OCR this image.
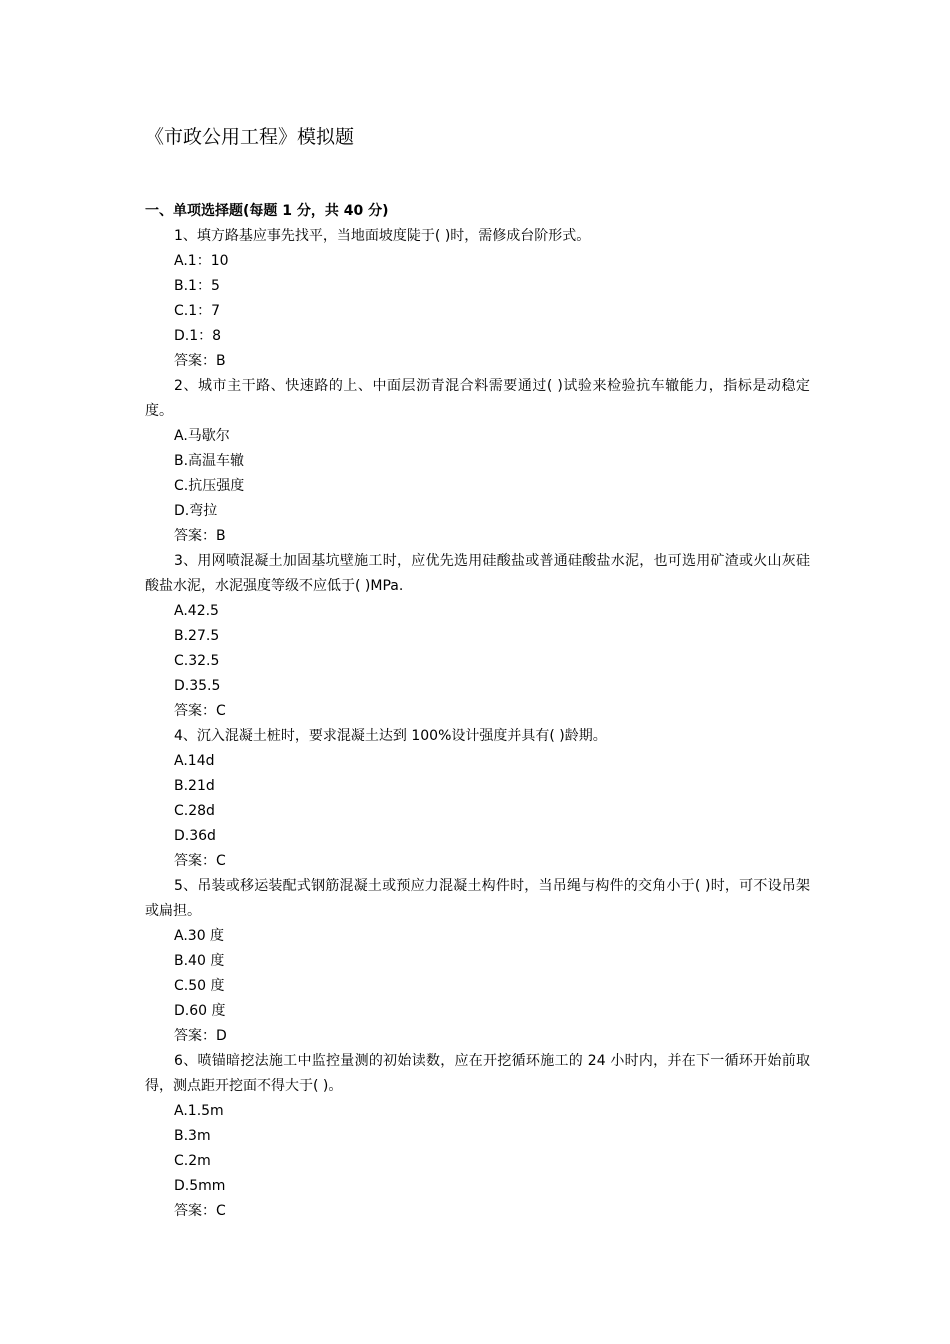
《市政公用工程》模拟题
一、单项选择题(每题 1 分，共 40 分)

1、填方路基应事先找平，当地面坡度陡于( )时，需修成台阶形式。

A.1：10

B.1：5

C.1：7

D.1：8

答案：B

2、城市主干路、快速路的上、中面层沥青混合料需要通过( )试验来检验抗车辙能力，指标是动稳定度。

A.马歇尔

B.高温车辙

C.抗压强度

D.弯拉

答案：B

3、用网喷混凝土加固基坑壁施工时，应优先选用硅酸盐或普通硅酸盐水泥，也可选用矿渣或火山灰硅酸盐水泥，水泥强度等级不应低于( )MPa.

A.42.5

B.27.5

C.32.5

D.35.5

答案：C

4、沉入混凝土桩时，要求混凝土达到 100%设计强度并具有( )龄期。

A.14d

B.21d

C.28d

D.36d

答案：C

5、吊装或移运装配式钢筋混凝土或预应力混凝土构件时，当吊绳与构件的交角小于( )时，可不设吊架或扁担。

A.30 度

B.40 度

C.50 度

D.60 度

答案：D

6、喷锚暗挖法施工中监控量测的初始读数，应在开挖循环施工的 24 小时内，并在下一循环开始前取得，测点距开挖面不得大于( )。

A.1.5m

B.3m

C.2m

D.5mm

答案：C
